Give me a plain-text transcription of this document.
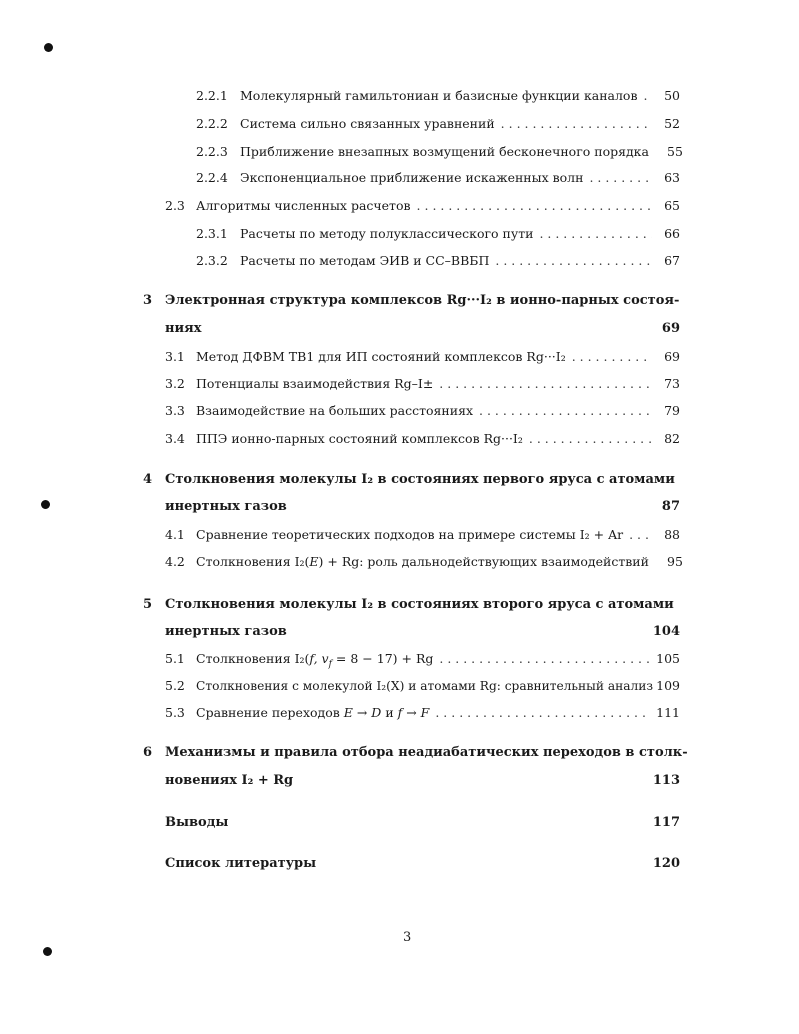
2.2.1 Молекулярный гамильтониан и базисные функции каналов . . .	50
2.2.2 Система сильно связанных уравнений . . .	52
2.2.3 Приближение внезапных возмущений бесконечного порядка	55
2.2.4 Экспоненциальное приближение искаженных волн . . .	63
2.3 Алгоритмы численных расчетов . . .	65
2.3.1 Расчеты по методу полуклассического пути . . .	66
2.3.2 Расчеты по методам ЭИВ и СС–ВВБП . . .	67
3 Электронная структура комплексов Rg···I₂ в ионно-парных состоя-
ниях	69
3.1 Метод ДФВМ ТВ1 для ИП состояний комплексов Rg···I₂ . . .	69
3.2 Потенциалы взаимодействия Rg–I± . . .	73
3.3 Взаимодействие на больших расстояниях . . .	79
3.4 ППЭ ионно-парных состояний комплексов Rg···I₂ . . .	82
4 Столкновения молекулы I₂ в состояниях первого яруса с атомами
инертных газов	87
4.1 Сравнение теоретических подходов на примере системы I₂ + Ar . . .	88
4.2 Столкновения I₂(E) + Rg: роль дальнодействующих взаимодействий	95
5 Столкновения молекулы I₂ в состояниях второго яруса с атомами
инертных газов	104
5.1 Столкновения I₂(f, $v_f = 8 - 17) + Rg$ . . .	105
5.2 Столкновения с молекулой I₂(X) и атомами Rg: сравнительный анализ 109
5.3 Сравнение переходов E → D и f → F . . .	111
6 Механизмы и правила отбора неадиабатических переходов в столк-
новениях I₂ + Rg	113
Выводы	117
Список литературы	120
3
